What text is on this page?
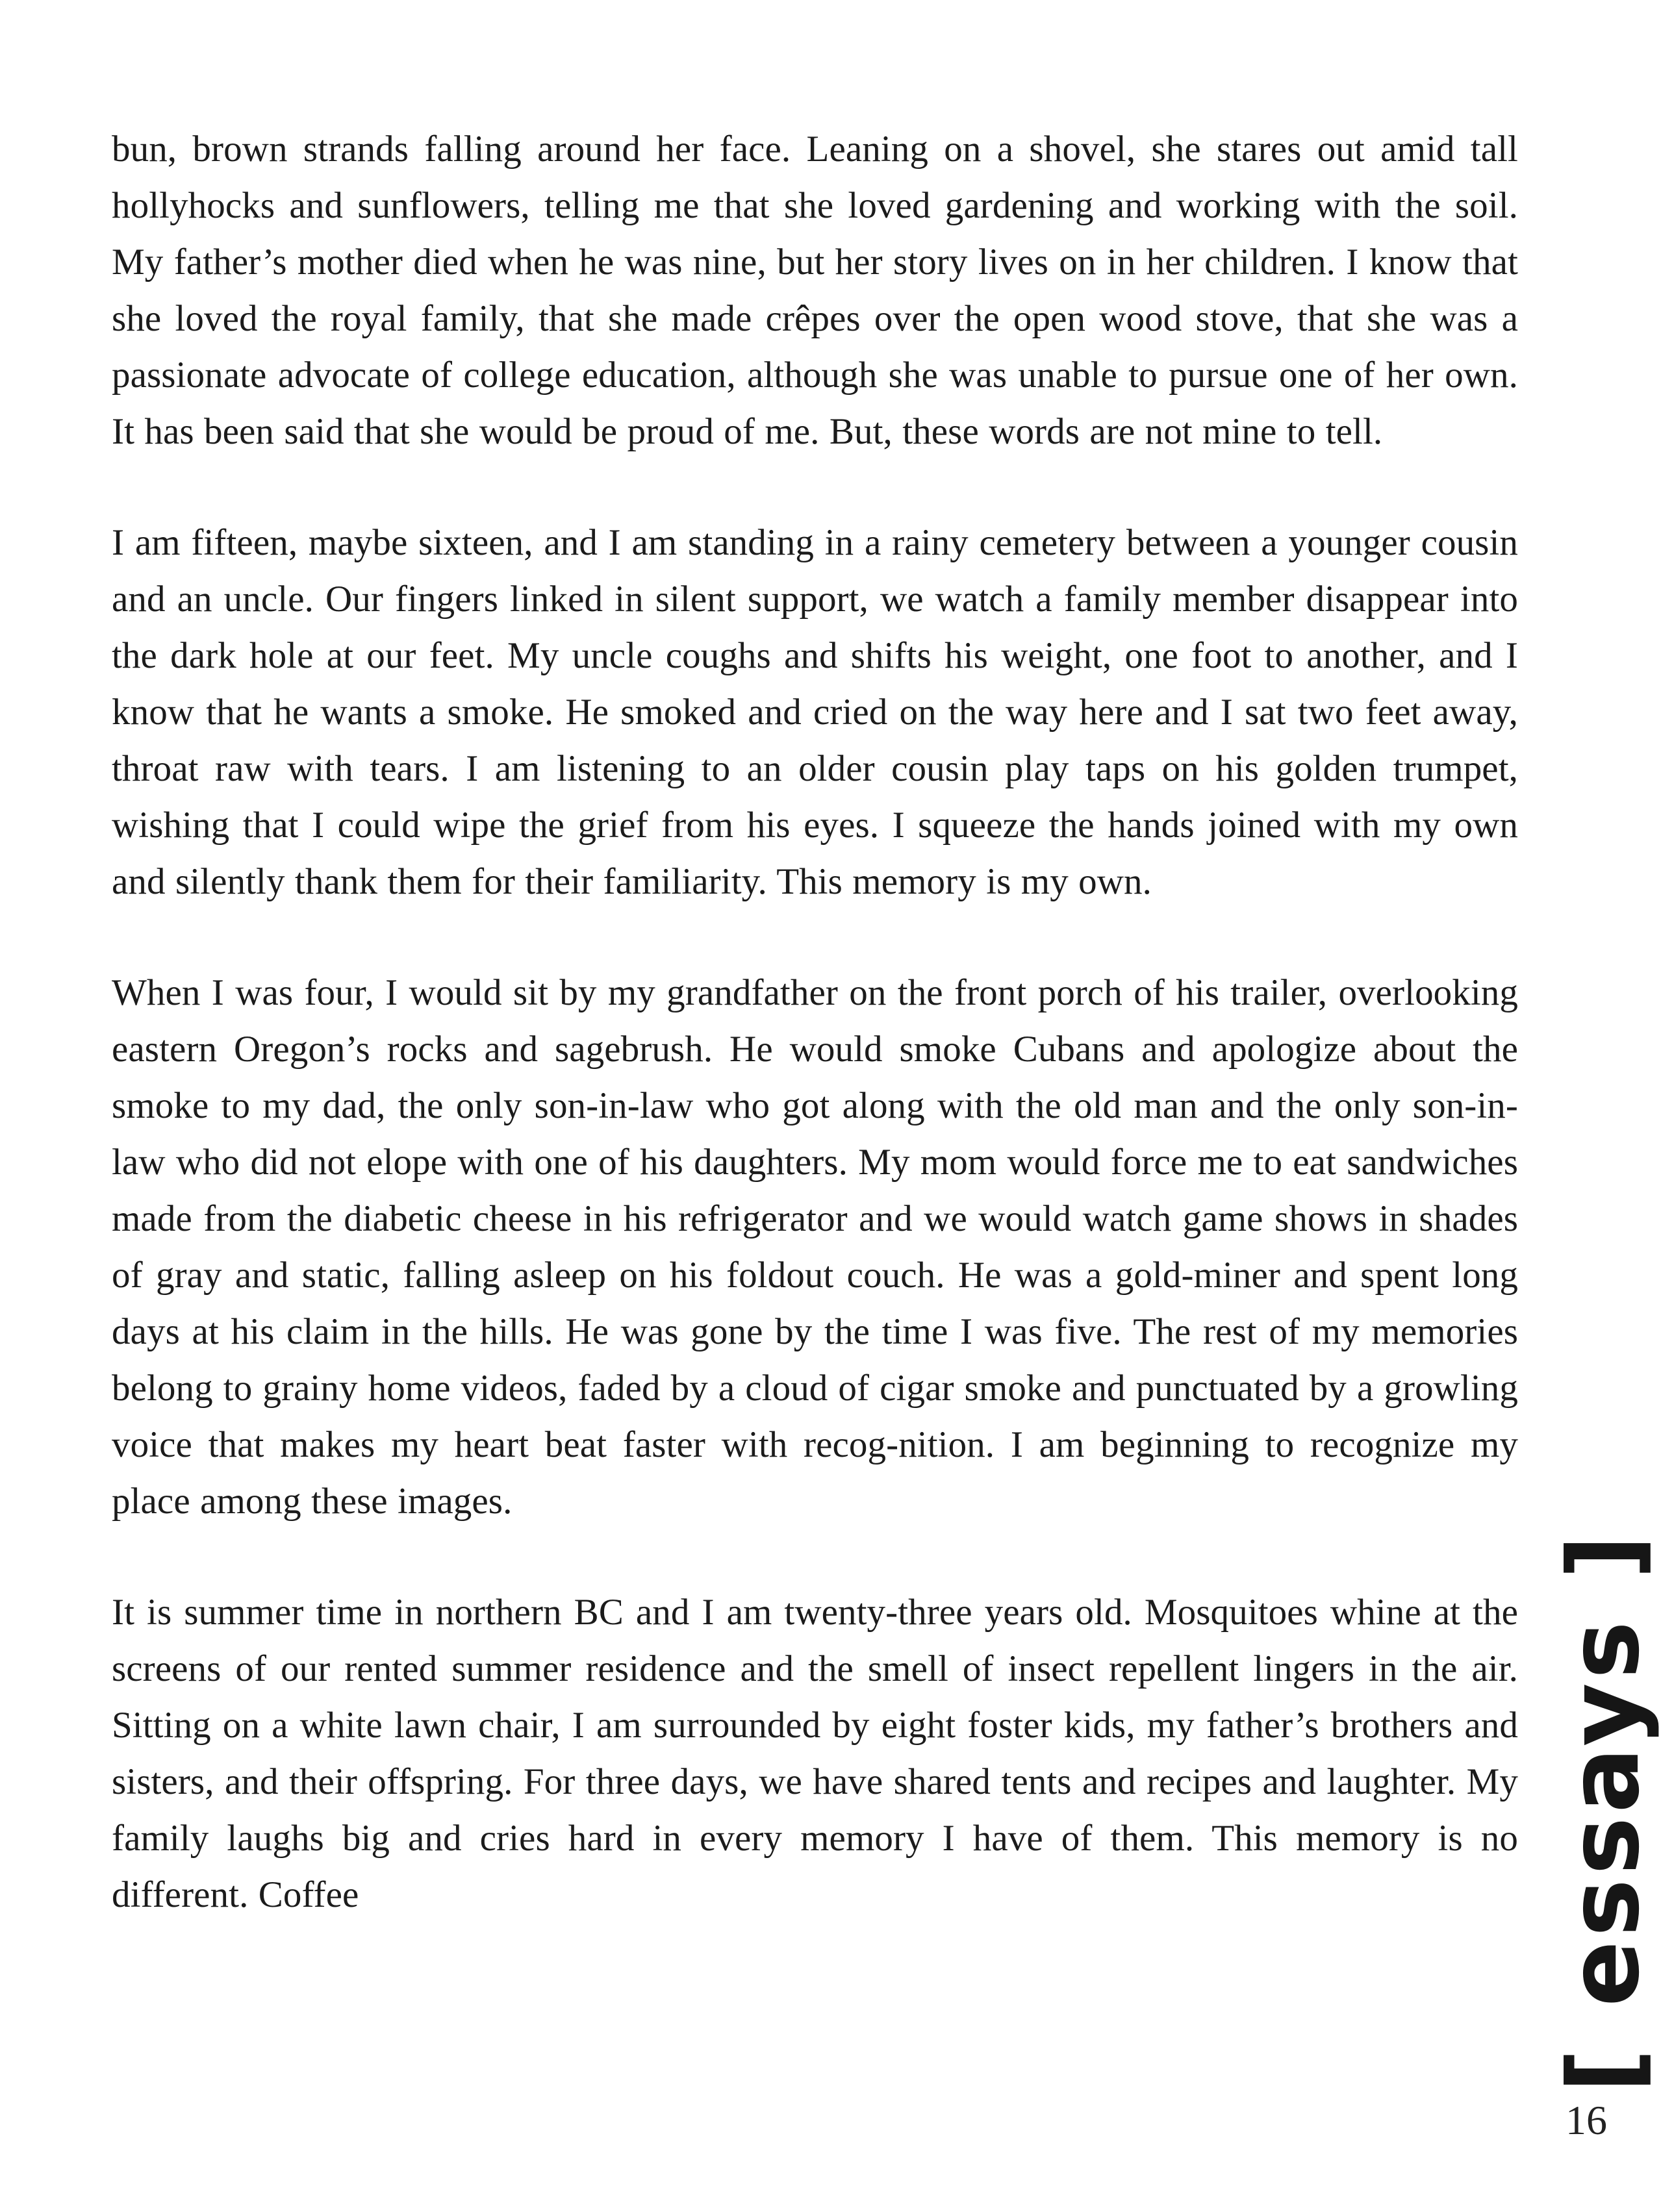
bun, brown strands falling around her face. Leaning on a shovel, she stares out amid tall hollyhocks and sunflowers, telling me that she loved gardening and working with the soil. My father’s mother died when he was nine, but her story lives on in her children. I know that she loved the royal family, that she made crêpes over the open wood stove, that she was a passionate advocate of college education, although she was unable to pursue one of her own. It has been said that she would be proud of me. But, these words are not mine to tell.

I am fifteen, maybe sixteen, and I am standing in a rainy cemetery between a younger cousin and an uncle. Our fingers linked in silent support, we watch a family member disappear into the dark hole at our feet. My uncle coughs and shifts his weight, one foot to another, and I know that he wants a smoke. He smoked and cried on the way here and I sat two feet away, throat raw with tears. I am listening to an older cousin play taps on his golden trumpet, wishing that I could wipe the grief from his eyes. I squeeze the hands joined with my own and silently thank them for their familiarity. This memory is my own.

When I was four, I would sit by my grandfather on the front porch of his trailer, overlooking eastern Oregon’s rocks and sagebrush. He would smoke Cubans and apologize about the smoke to my dad, the only son-in-law who got along with the old man and the only son-in-law who did not elope with one of his daughters. My mom would force me to eat sandwiches made from the diabetic cheese in his refrigerator and we would watch game shows in shades of gray and static, falling asleep on his foldout couch. He was a gold-miner and spent long days at his claim in the hills. He was gone by the time I was five. The rest of my memories belong to grainy home videos, faded by a cloud of cigar smoke and punctuated by a growling voice that makes my heart beat faster with recog-nition. I am beginning to recognize my place among these images.

It is summer time in northern BC and I am twenty-three years old. Mosquitoes whine at the screens of our rented summer residence and the smell of insect repellent lingers in the air. Sitting on a white lawn chair, I am surrounded by eight foster kids, my father’s brothers and sisters, and their offspring. For three days, we have shared tents and recipes and laughter. My family laughs big and cries hard in every memory I have of them. This memory is no different. Coffee	[ essays ]
16
